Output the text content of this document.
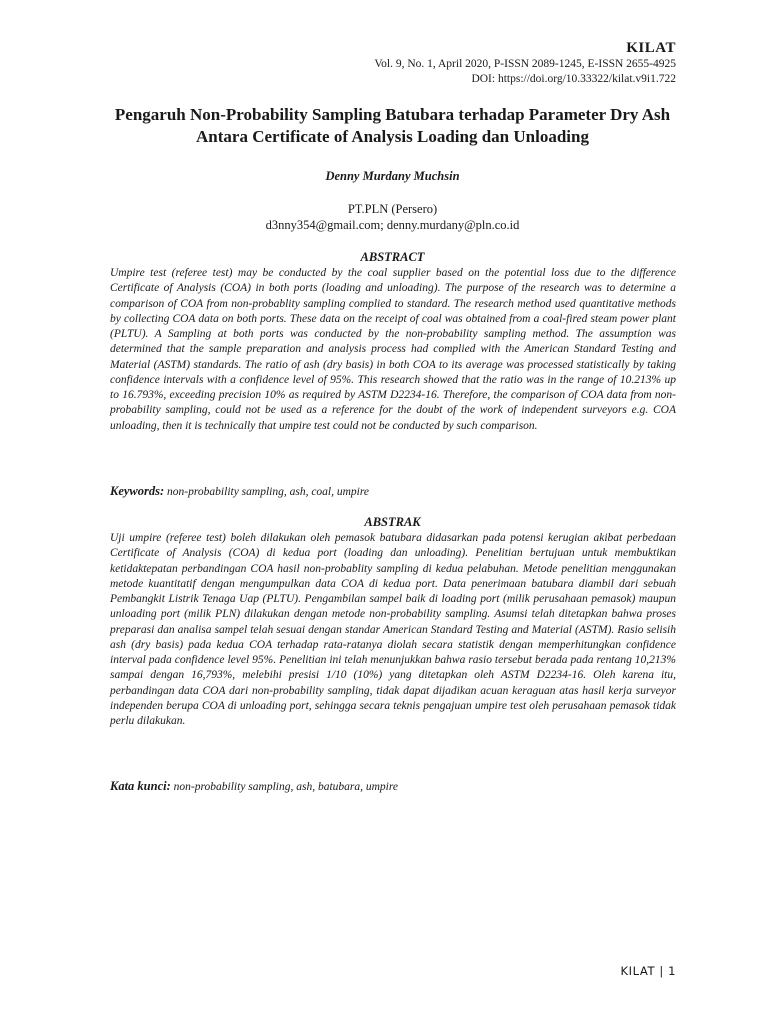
KILAT
Vol. 9, No. 1, April 2020, P-ISSN 2089-1245, E-ISSN 2655-4925
DOI: https://doi.org/10.33322/kilat.v9i1.722
Pengaruh Non-Probability Sampling Batubara terhadap Parameter Dry Ash Antara Certificate of Analysis Loading dan Unloading
Denny Murdany Muchsin
PT.PLN (Persero)
d3nny354@gmail.com; denny.murdany@pln.co.id
ABSTRACT
Umpire test (referee test) may be conducted by the coal supplier based on the potential loss due to the difference Certificate of Analysis (COA) in both ports (loading and unloading). The purpose of the research was to determine a comparison of COA from non-probablity sampling complied to standard. The research method used quantitative methods by collecting COA data on both ports. These data on the receipt of coal was obtained from a coal-fired steam power plant (PLTU). A Sampling at both ports was conducted by the non-probability sampling method. The assumption was determined that the sample preparation and analysis process had complied with the American Standard Testing and Material (ASTM) standards. The ratio of ash (dry basis) in both COA to its average was processed statistically by taking confidence intervals with a confidence level of 95%. This research showed that the ratio was in the range of 10.213% up to 16.793%, exceeding precision 10% as required by ASTM D2234-16. Therefore, the comparison of COA data from non-probability sampling, could not be used as a reference for the doubt of the work of independent surveyors e.g. COA unloading, then it is technically that umpire test could not be conducted by such comparison.
Keywords: non-probability sampling, ash, coal, umpire
ABSTRAK
Uji umpire (referee test) boleh dilakukan oleh pemasok batubara didasarkan pada potensi kerugian akibat perbedaan Certificate of Analysis (COA) di kedua port (loading dan unloading). Penelitian bertujuan untuk membuktikan ketidaktepatan perbandingan COA hasil non-probablity sampling di kedua pelabuhan. Metode penelitian menggunakan metode kuantitatif dengan mengumpulkan data COA di kedua port. Data penerimaan batubara diambil dari sebuah Pembangkit Listrik Tenaga Uap (PLTU). Pengambilan sampel baik di loading port (milik perusahaan pemasok) maupun unloading port (milik PLN) dilakukan dengan metode non-probability sampling. Asumsi telah ditetapkan bahwa proses preparasi dan analisa sampel telah sesuai dengan standar American Standard Testing and Material (ASTM). Rasio selisih ash (dry basis) pada kedua COA terhadap rata-ratanya diolah secara statistik dengan memperhitungkan confidence interval pada confidence level 95%. Penelitian ini telah menunjukkan bahwa rasio tersebut berada pada rentang 10,213% sampai dengan 16,793%, melebihi presisi 1/10 (10%) yang ditetapkan oleh ASTM D2234-16. Oleh karena itu, perbandingan data COA dari non-probability sampling, tidak dapat dijadikan acuan keraguan atas hasil kerja surveyor independen berupa COA di unloading port, sehingga secara teknis pengajuan umpire test oleh perusahaan pemasok tidak perlu dilakukan.
Kata kunci: non-probability sampling, ash, batubara, umpire
KILAT | 1
